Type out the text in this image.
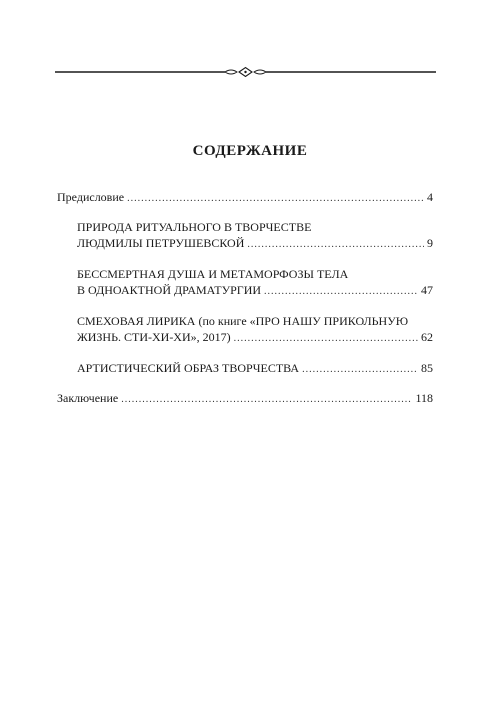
СОДЕРЖАНИЕ
Предисловие .....	4
ПРИРОДА РИТУАЛЬНОГО В ТВОРЧЕСТВЕ
ЛЮДМИЛЫ ПЕТРУШЕВСКОЙ .....	9
БЕССМЕРТНАЯ ДУША И МЕТАМОРФОЗЫ ТЕЛА
В ОДНОАКТНОЙ ДРАМАТУРГИИ .....	47
СМЕХОВАЯ ЛИРИКА (по книге «ПРО НАШУ ПРИКОЛЬНУЮ
ЖИЗНЬ. СТИ-ХИ-ХИ», 2017) .....	62
АРТИСТИЧЕСКИЙ ОБРАЗ ТВОРЧЕСТВА .....	85
Заключение .....	118
